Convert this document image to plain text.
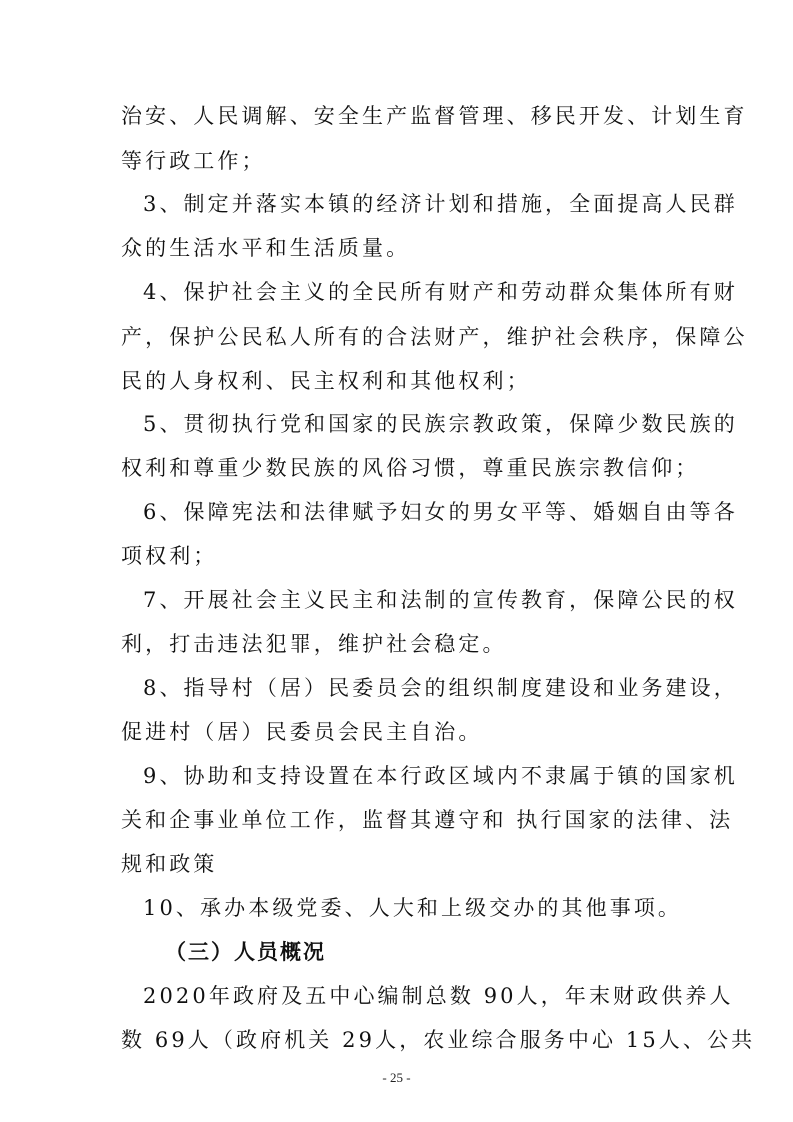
治安、人民调解、安全生产监督管理、移民开发、计划生育
等行政工作；
3、制定并落实本镇的经济计划和措施，全面提高人民群
众的生活水平和生活质量。
4、保护社会主义的全民所有财产和劳动群众集体所有财
产，保护公民私人所有的合法财产，维护社会秩序，保障公
民的人身权利、民主权利和其他权利；
5、贯彻执行党和国家的民族宗教政策，保障少数民族的
权利和尊重少数民族的风俗习惯，尊重民族宗教信仰；
6、保障宪法和法律赋予妇女的男女平等、婚姻自由等各
项权利；
7、开展社会主义民主和法制的宣传教育，保障公民的权
利，打击违法犯罪，维护社会稳定。
8、指导村（居）民委员会的组织制度建设和业务建设，
促进村（居）民委员会民主自治。
9、协助和支持设置在本行政区域内不隶属于镇的国家机
关和企事业单位工作，监督其遵守和 执行国家的法律、法
规和政策
10、承办本级党委、人大和上级交办的其他事项。
（三）人员概况
2020年政府及五中心编制总数 90人，年末财政供养人
数 69人（政府机关 29人，农业综合服务中心 15人、公共
- 25 -
